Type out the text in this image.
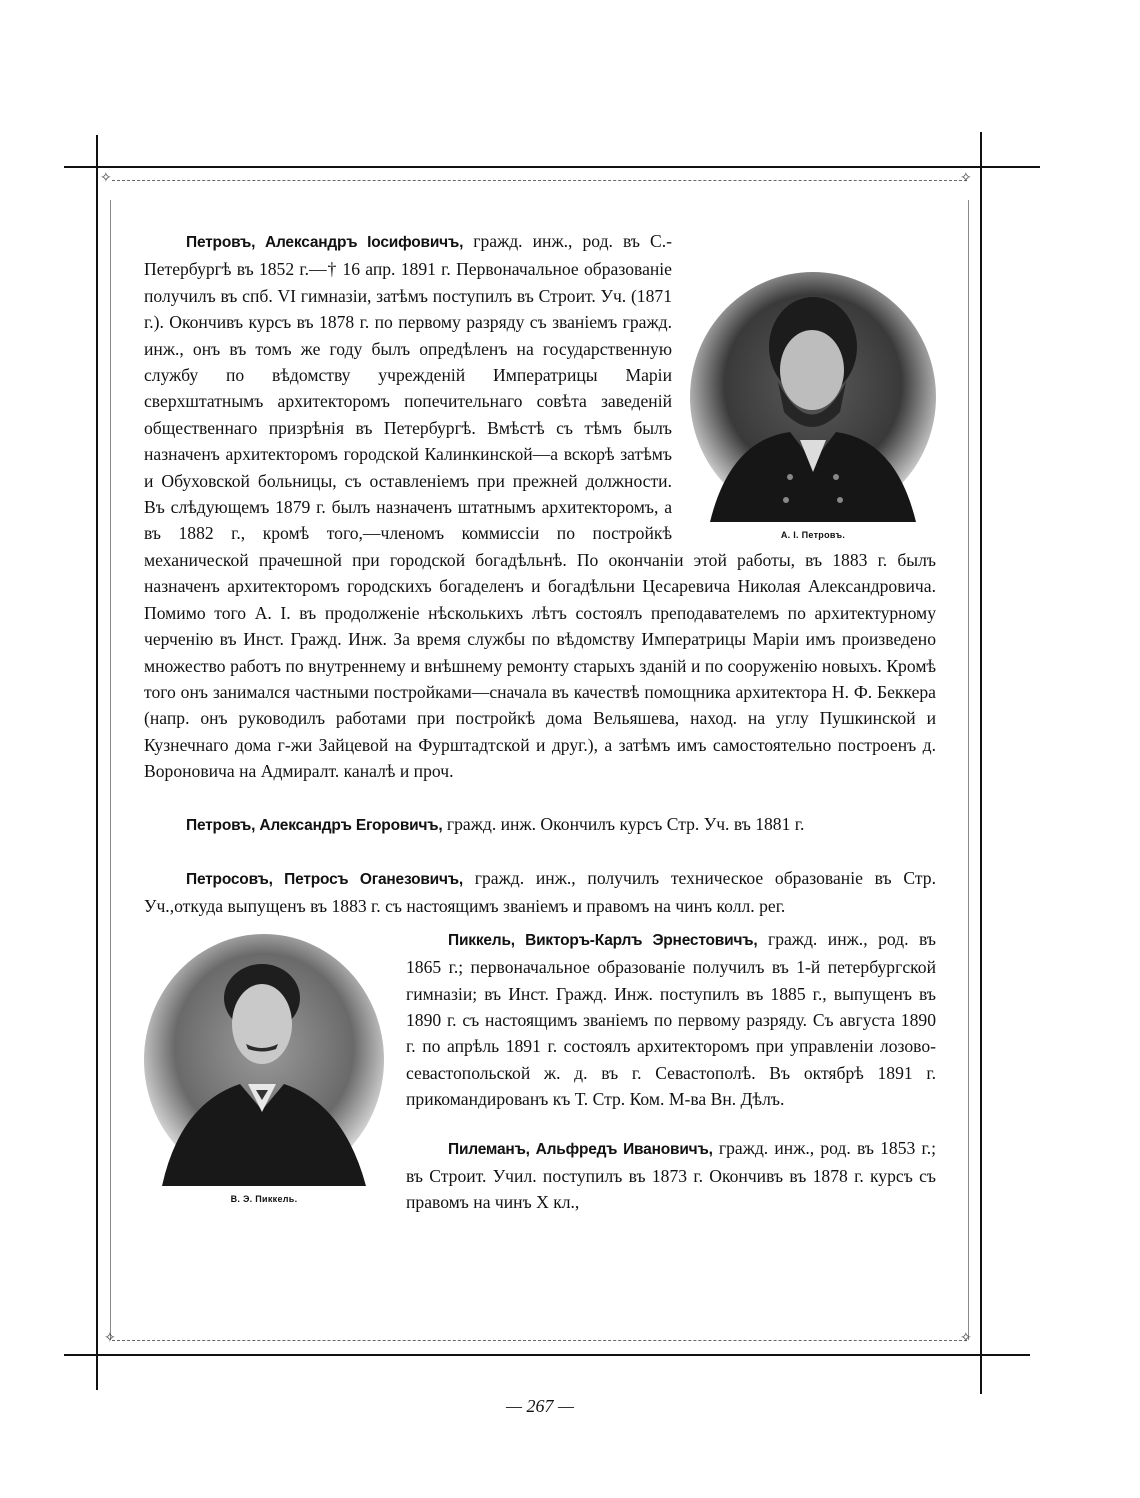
✧	✧
✧	✧
А. І. Петровъ.

Петровъ, Александръ Іосифовичъ, гражд. инж., род. въ С.-Петербургѣ въ 1852 г.—† 16 апр. 1891 г. Первоначальное образованіе получилъ въ спб. VI гимназіи, затѣмъ поступилъ въ Строит. Уч. (1871 г.). Окончивъ курсъ въ 1878 г. по первому разряду съ званіемъ гражд. инж., онъ въ томъ же году былъ опредѣленъ на государственную службу по вѣдомству учрежденій Императрицы Маріи сверхштатнымъ архитекторомъ попечительнаго совѣта заведеній общественнаго призрѣнія въ Петербургѣ. Вмѣстѣ съ тѣмъ былъ назначенъ архитекторомъ городской Калинкинской—а вскорѣ затѣмъ и Обуховской больницы, съ оставленіемъ при прежней должности. Въ слѣдующемъ 1879 г. былъ назначенъ штатнымъ архитекторомъ, а въ 1882 г., кромѣ того,—членомъ коммиссіи по постройкѣ механической прачешной при городской богадѣльнѣ. По окончаніи этой работы, въ 1883 г. былъ назначенъ архитекторомъ городскихъ богаделенъ и богадѣльни Цесаревича Николая Александровича. Помимо того А. І. въ продолженіе нѣсколькихъ лѣтъ состоялъ преподавателемъ по архитектурному черченію въ Инст. Гражд. Инж. За время службы по вѣдомству Императрицы Маріи имъ произведено множество работъ по внутреннему и внѣшнему ремонту старыхъ зданій и по сооруженію новыхъ. Кромѣ того онъ занимался частными постройками—сначала въ качествѣ помощника архитектора Н. Ф. Беккера (напр. онъ руководилъ работами при постройкѣ дома Вельяшева, наход. на углу Пушкинской и Кузнечнаго дома г-жи Зайцевой на Фурштадтской и друг.), а затѣмъ имъ самостоятельно построенъ д. Вороновича на Адмиралт. каналѣ и проч.

Петровъ, Александръ Егоровичъ, гражд. инж. Окончилъ курсъ Стр. Уч. въ 1881 г.

Петросовъ, Петросъ Оганезовичъ, гражд. инж., получилъ техническое образованіе въ Стр. Уч.,откуда выпущенъ въ 1883 г. съ настоящимъ званіемъ и правомъ на чинъ колл. рег.

В. Э. Пиккель.

Пиккель, Викторъ-Карлъ Эрнестовичъ, гражд. инж., род. въ 1865 г.; первоначальное образованіе получилъ въ 1-й петербургской гимназіи; въ Инст. Гражд. Инж. поступилъ въ 1885 г., выпущенъ въ 1890 г. съ настоящимъ званіемъ по первому разряду. Съ августа 1890 г. по апрѣль 1891 г. состоялъ архитекторомъ при управленіи лозово-севастопольской ж. д. въ г. Севастополѣ. Въ октябрѣ 1891 г. прикомандированъ къ Т. Стр. Ком. М-ва Вн. Дѣлъ.

Пилеманъ, Альфредъ Ивановичъ, гражд. инж., род. въ 1853 г.; въ Строит. Учил. поступилъ въ 1873 г. Окончивъ въ 1878 г. курсъ съ правомъ на чинъ X кл.,

— 267 —
